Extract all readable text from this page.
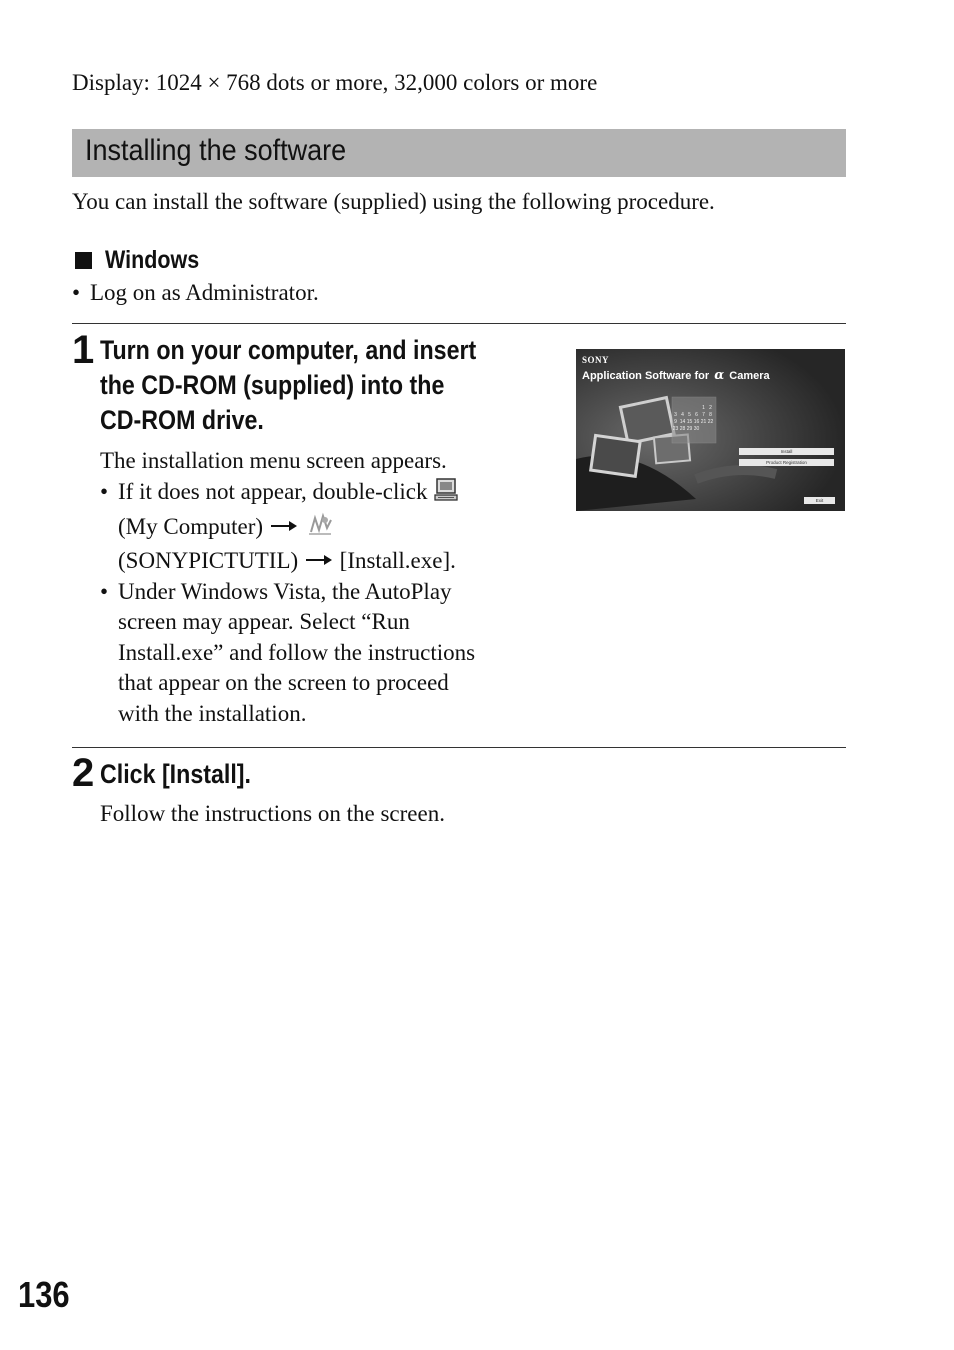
Display: 1024 × 768 dots or more, 32,000 colors or more
Installing the software
You can install the software (supplied) using the following procedure.
Windows
• Log on as Administrator.
1 Turn on your computer, and insert
the CD-ROM (supplied) into the
CD-ROM drive.
The installation menu screen appears.
• If it does not appear, double-click
(My Computer)
(SONYPICTUTIL) [Install.exe].
• Under Windows Vista, the AutoPlay
screen may appear. Select “Run
Install.exe” and follow the instructions
that appear on the screen to proceed
with the installation.
SONY
Application Software for α Camera
1 2
3 4 5 6 7 8
9 14 15 16 21 22
23 28 29 30
Install
Product Registration
Exit
2 Click [Install].
Follow the instructions on the screen.
136
